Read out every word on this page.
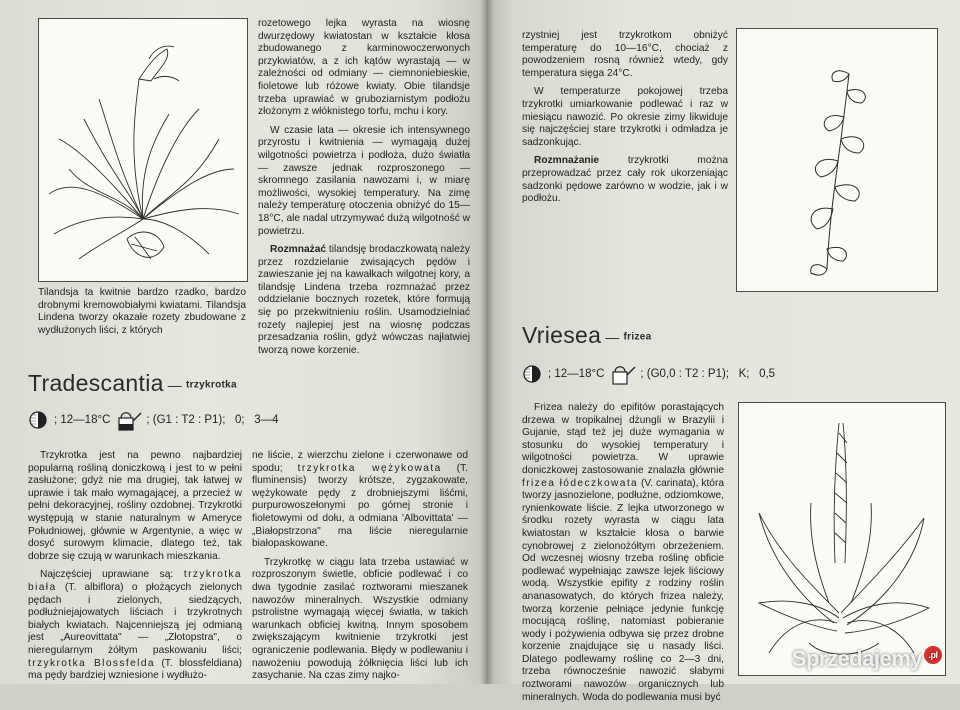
Tilandsja ta kwitnie bardzo rzadko, bardzo drobnymi kremowobiałymi kwiatami. Tilandsja Lindena tworzy okazałe rozety zbudowane z wydłużonych liści, z których

rozetowego lejka wyrasta na wiosnę dwurzędowy kwiatostan w kształcie kłosa zbudowanego z karminowoczerwonych przykwiatów, a z ich kątów wyrastają — w zależności od odmiany — ciemnoniebieskie, fioletowe lub różowe kwiaty. Obie tilandsje trzeba uprawiać w gruboziarnistym podłożu złożonym z włóknistego torfu, mchu i kory.

W czasie lata — okresie ich intensywnego przyrostu i kwitnienia — wymagają dużej wilgotności powietrza i podłoża, dużo światła — zawsze jednak rozproszonego — skromnego zasilania nawozami i, w miarę możliwości, wysokiej temperatury. Na zimę należy temperaturę otoczenia obniżyć do 15—18°C, ale nadal utrzymywać dużą wilgotność w powietrzu.

Rozmnażać tilandsję brodaczkowatą należy przez rozdzielanie zwisających pędów i zawieszanie jej na kawałkach wilgotnej kory, a tilandsję Lindena trzeba rozmnażać przez oddzielanie bocznych rozetek, które formują się po przekwitnieniu roślin. Usamodzielniać rozety najlepiej jest na wiosnę podczas przesadzania roślin, gdyż wówczas najłatwiej tworzą nowe korzenie.

Tradescantia — trzykrotka
; 12—18°C	; (G1 : T2 : P1);
0;
3—4

Trzykrotka jest na pewno najbardziej popularną rośliną doniczkową i jest to w pełni zasłużone; gdyż nie ma drugiej, tak łatwej w uprawie i tak mało wymagającej, a przecież w pełni dekoracyjnej, rośliny ozdobnej. Trzykrotki występują w stanie naturalnym w Ameryce Południowej, głównie w Argentynie, a więc w dosyć surowym klimacie, dlatego też, tak dobrze się czują w warunkach mieszkania.

Najczęściej uprawiane są: trzykrotka biała (T. albiflora) o płożących zielonych pędach i zielonych, siedzących, podłużniejajowatych liściach i trzykrotnych białych kwiatach. Najcenniejszą jej odmianą jest „Aureovittata" — „Złotopstra", o nieregularnym żółtym paskowaniu liści; trzykrotka Blossfelda (T. blossfeldiana) ma pędy bardziej wzniesione i wydłużo-

ne liście, z wierzchu zielone i czerwonawe od spodu; trzykrotka wężykowata (T. fluminensis) tworzy krótsze, zygzakowate, wężykowate pędy z drobniejszymi liśćmi, purpurowoszełonymi po górnej stronie i fioletowymi od dołu, a odmiana 'Albovittata' — „Białopstrzona" ma liście nieregularnie białopaskowane.

Trzykrotkę w ciągu lata trzeba ustawiać w rozproszonym świetle, obficie podlewać i co dwa tygodnie zasilać roztworami mieszanek nawozów mineralnych. Wszystkie odmiany pstrolistne wymagają więcej światła, w takich warunkach obficiej kwitną. Innym sposobem zwiększającym kwitnienie trzykrotki jest ograniczenie podlewania. Błędy w podlewaniu i nawożeniu powodują żółknięcia liści lub ich zasychanie. Na czas zimy najko-

rzystniej jest trzykrotkom obniżyć temperaturę do 10—16°C, chociaż z powodzeniem rosną również wtedy, gdy temperatura sięga 24°C.

W temperaturze pokojowej trzeba trzykrotki umiarkowanie podlewać i raz w miesiącu nawozić. Po okresie zimy likwiduje się najczęściej stare trzykrotki i odmładza je sadzonkując.

Rozmnażanie trzykrotki można przeprowadzać przez cały rok ukorzeniając sadzonki pędowe zarówno w wodzie, jak i w podłożu.

Vriesea — frizea
; 12—18°C	; (G0,0 : T2 : P1);
K;
0,5

Frizea należy do epifitów porastających drzewa w tropikalnej dżungli w Brazylii i Gujanie, stąd też jej duże wymagania w stosunku do wysokiej temperatury i wilgotności powietrza. W uprawie doniczkowej zastosowanie znalazła głównie frizea łódeczkowata (V. carinata), która tworzy jasnozielone, podłużne, odziomkowe, rynienkowate liście. Z lejka utworzonego w środku rozety wyrasta w ciągu lata kwiatostan w kształcie kłosa o barwie cynobrowej z zielonożółtym obrzeżeniem. Od wczesnej wiosny trzeba roślinę obficie podlewać wypełniając zawsze lejek liściowy wodą. Wszystkie epifity z rodziny roślin ananasowatych, do których frizea należy, tworzą korzenie pełniące jedynie funkcję mocującą roślinę, natomiast pobieranie wody i pożywienia odbywa się przez drobne korzenie znajdujące się u nasady liści. Dlatego podlewamy roślinę co 2—3 dni, trzeba równocześnie nawozić słabymi roztworami nawozów organicznych lub mineralnych. Woda do podlewania musi być

Sprzedajemy .pl
